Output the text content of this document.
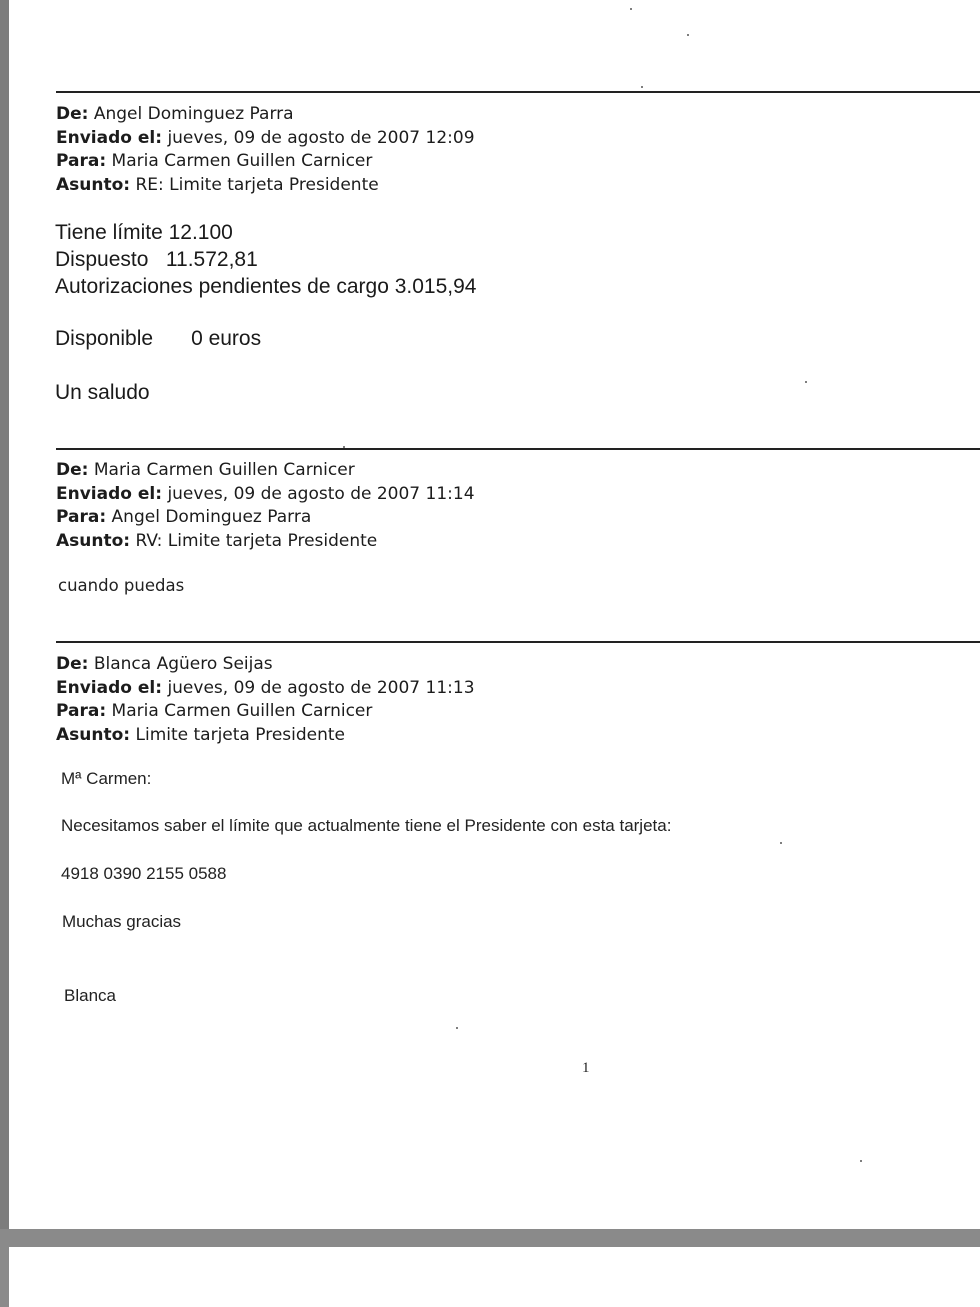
De: Angel Dominguez Parra
Enviado el: jueves, 09 de agosto de 2007 12:09
Para: Maria Carmen Guillen Carnicer
Asunto: RE: Limite tarjeta Presidente
Tiene límite 12.100
Dispuesto 11.572,81
Autorizaciones pendientes de cargo 3.015,94
Disponible 0 euros
Un saludo
De: Maria Carmen Guillen Carnicer
Enviado el: jueves, 09 de agosto de 2007 11:14
Para: Angel Dominguez Parra
Asunto: RV: Limite tarjeta Presidente
cuando puedas
De: Blanca Agüero Seijas
Enviado el: jueves, 09 de agosto de 2007 11:13
Para: Maria Carmen Guillen Carnicer
Asunto: Limite tarjeta Presidente
Mª Carmen:
Necesitamos saber el límite que actualmente tiene el Presidente con esta tarjeta:
4918 0390 2155 0588
Muchas gracias
Blanca
1
